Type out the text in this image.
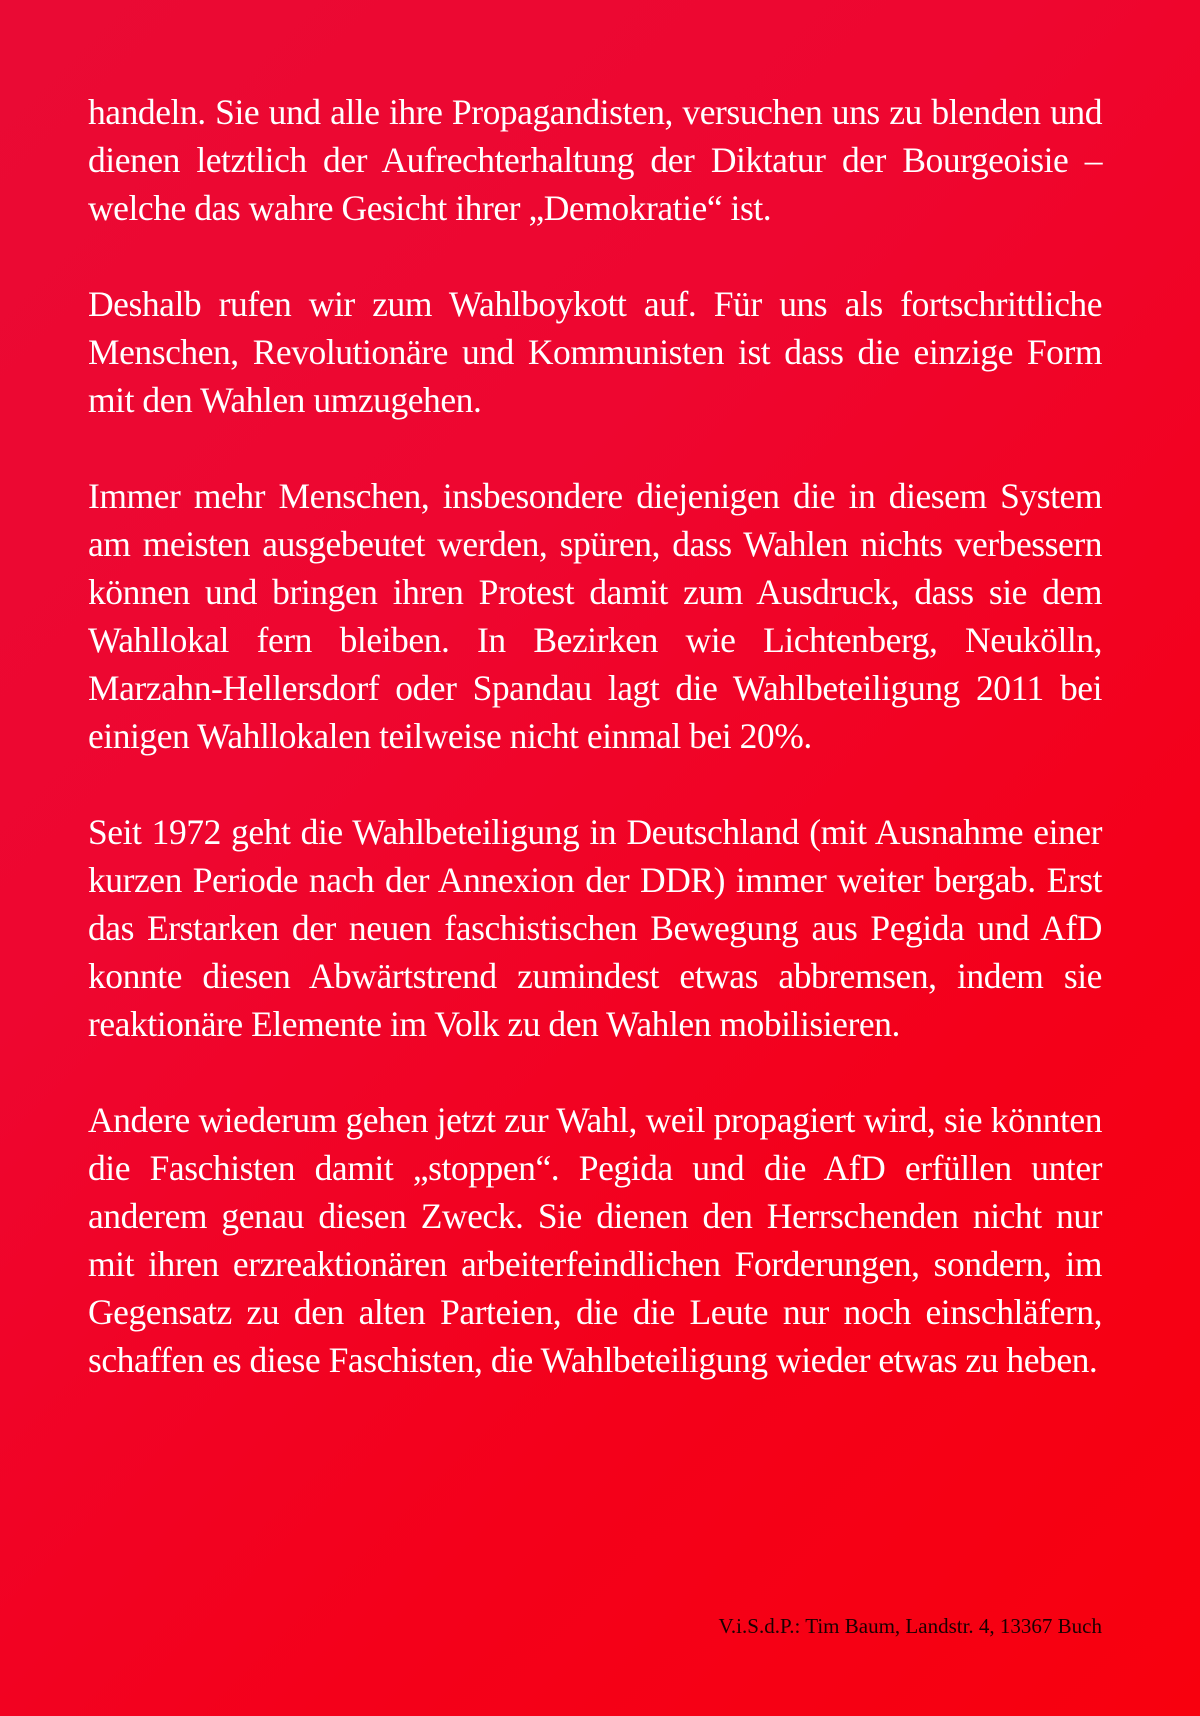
handeln. Sie und alle ihre Propagandisten, versuchen uns zu blenden und dienen letztlich der Aufrechterhaltung der Diktatur der Bourgeoisie – welche das wahre Gesicht ihrer „Demokratie“ ist.

Deshalb rufen wir zum Wahlboykott auf. Für uns als fortschrittliche Menschen, Revolutionäre und Kommunisten ist dass die einzige Form mit den Wahlen umzugehen.

Immer mehr Menschen, insbesondere diejenigen die in diesem System am meisten ausgebeutet werden, spüren, dass Wahlen nichts verbessern können und bringen ihren Protest damit zum Ausdruck, dass sie dem Wahllokal fern bleiben. In Bezirken wie Lichtenberg, Neukölln, Marzahn-Hellersdorf oder Spandau lagt die Wahlbeteiligung 2011 bei einigen Wahllokalen teilweise nicht einmal bei 20%.

Seit 1972 geht die Wahlbeteiligung in Deutschland (mit Ausnahme einer kurzen Periode nach der Annexion der DDR) immer weiter bergab. Erst das Erstarken der neuen faschistischen Bewegung aus Pegida und AfD konnte diesen Abwärtstrend zumindest etwas abbremsen, indem sie reaktionäre Elemente im Volk zu den Wahlen mobilisieren.

Andere wiederum gehen jetzt zur Wahl, weil propagiert wird, sie könnten die Faschisten damit „stoppen“. Pegida und die AfD erfüllen unter anderem genau diesen Zweck. Sie dienen den Herrschenden nicht nur mit ihren erzreaktionären arbeiterfeindlichen Forderungen, sondern, im Gegensatz zu den alten Parteien, die die Leute nur noch einschläfern, schaffen es diese Faschisten, die Wahlbeteiligung wieder etwas zu heben.

V.i.S.d.P.: Tim Baum, Landstr. 4, 13367 Buch
